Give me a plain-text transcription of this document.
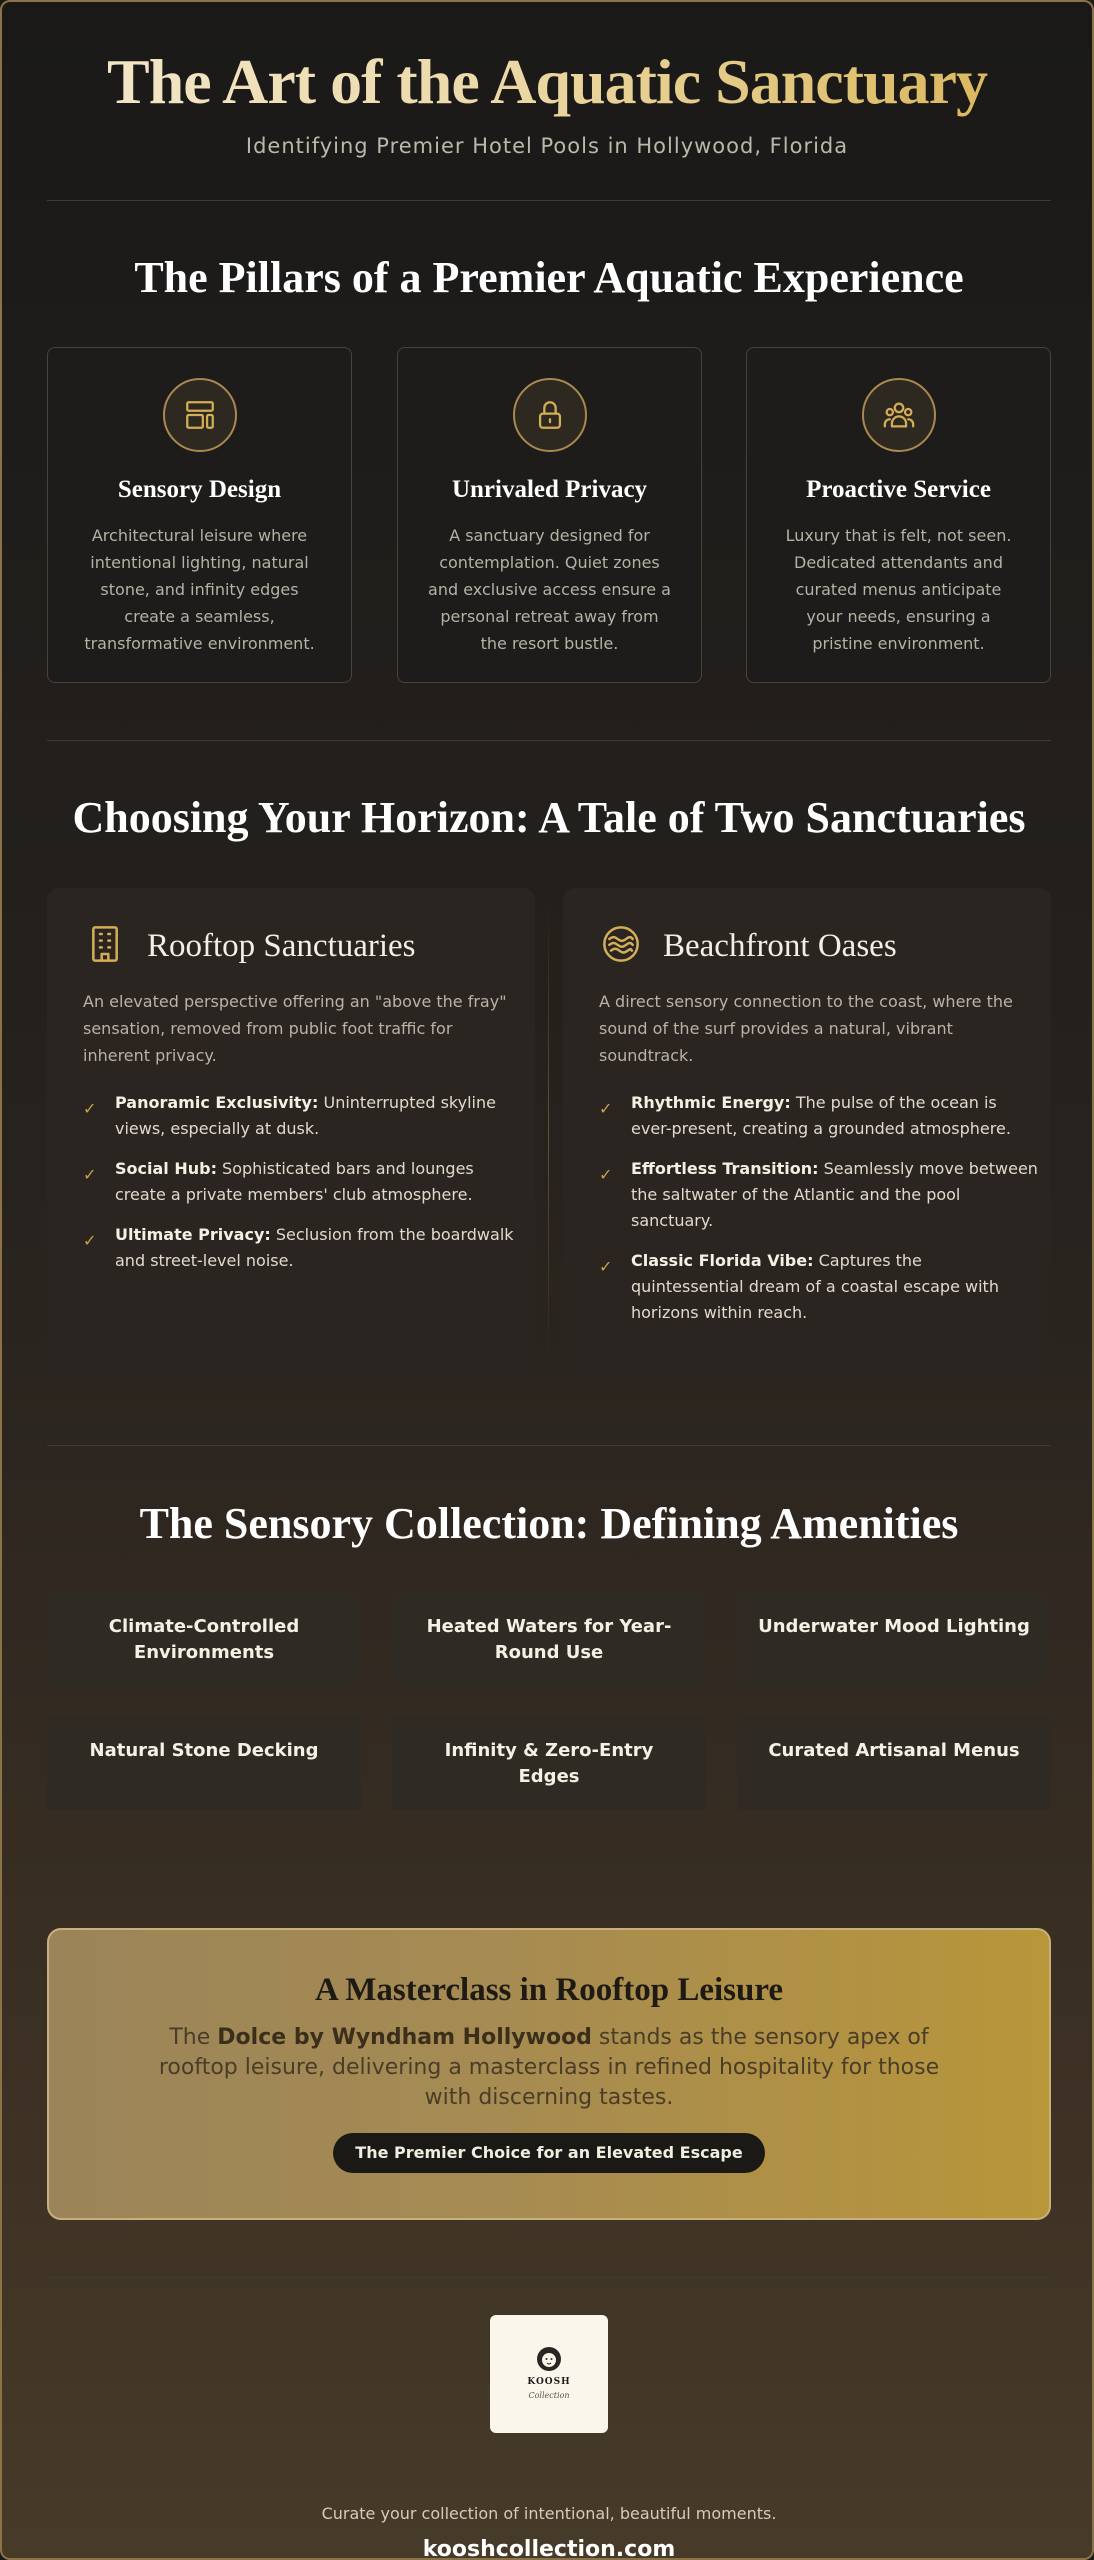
The Art of the Aquatic Sanctuary

Identifying Premier Hotel Pools in Hollywood, Florida

The Pillars of a Premier Aquatic Experience
Sensory Design

Architectural leisure where intentional lighting, natural stone, and infinity edges create a seamless, transformative environment.

Unrivaled Privacy

A sanctuary designed for contemplation. Quiet zones and exclusive access ensure a personal retreat away from the resort bustle.

Proactive Service

Luxury that is felt, not seen. Dedicated attendants and curated menus anticipate your needs, ensuring a pristine environment.

Choosing Your Horizon: A Tale of Two Sanctuaries
Rooftop Sanctuaries

An elevated perspective offering an "above the fray" sensation, removed from public foot traffic for inherent privacy.

✓	Panoramic Exclusivity: Uninterrupted skyline views, especially at dusk.
✓	Social Hub: Sophisticated bars and lounges create a private members' club atmosphere.
✓	Ultimate Privacy: Seclusion from the boardwalk and street-level noise.
Beachfront Oases

A direct sensory connection to the coast, where the sound of the surf provides a natural, vibrant soundtrack.

✓	Rhythmic Energy: The pulse of the ocean is ever-present, creating a grounded atmosphere.
✓	Effortless Transition: Seamlessly move between the saltwater of the Atlantic and the pool sanctuary.
✓	Classic Florida Vibe: Captures the quintessential dream of a coastal escape with horizons within reach.
The Sensory Collection: Defining Amenities
Climate-Controlled Environments
Heated Waters for Year-Round Use
Underwater Mood Lighting
Natural Stone Decking	Infinity & Zero-Entry Edges
Curated Artisanal Menus
A Masterclass in Rooftop Leisure

The Dolce by Wyndham Hollywood stands as the sensory apex of rooftop leisure, delivering a masterclass in refined hospitality for those with discerning tastes.

The Premier Choice for an Elevated Escape
KOOSH
Collection
Curate your collection of intentional, beautiful moments.
kooshcollection.com
